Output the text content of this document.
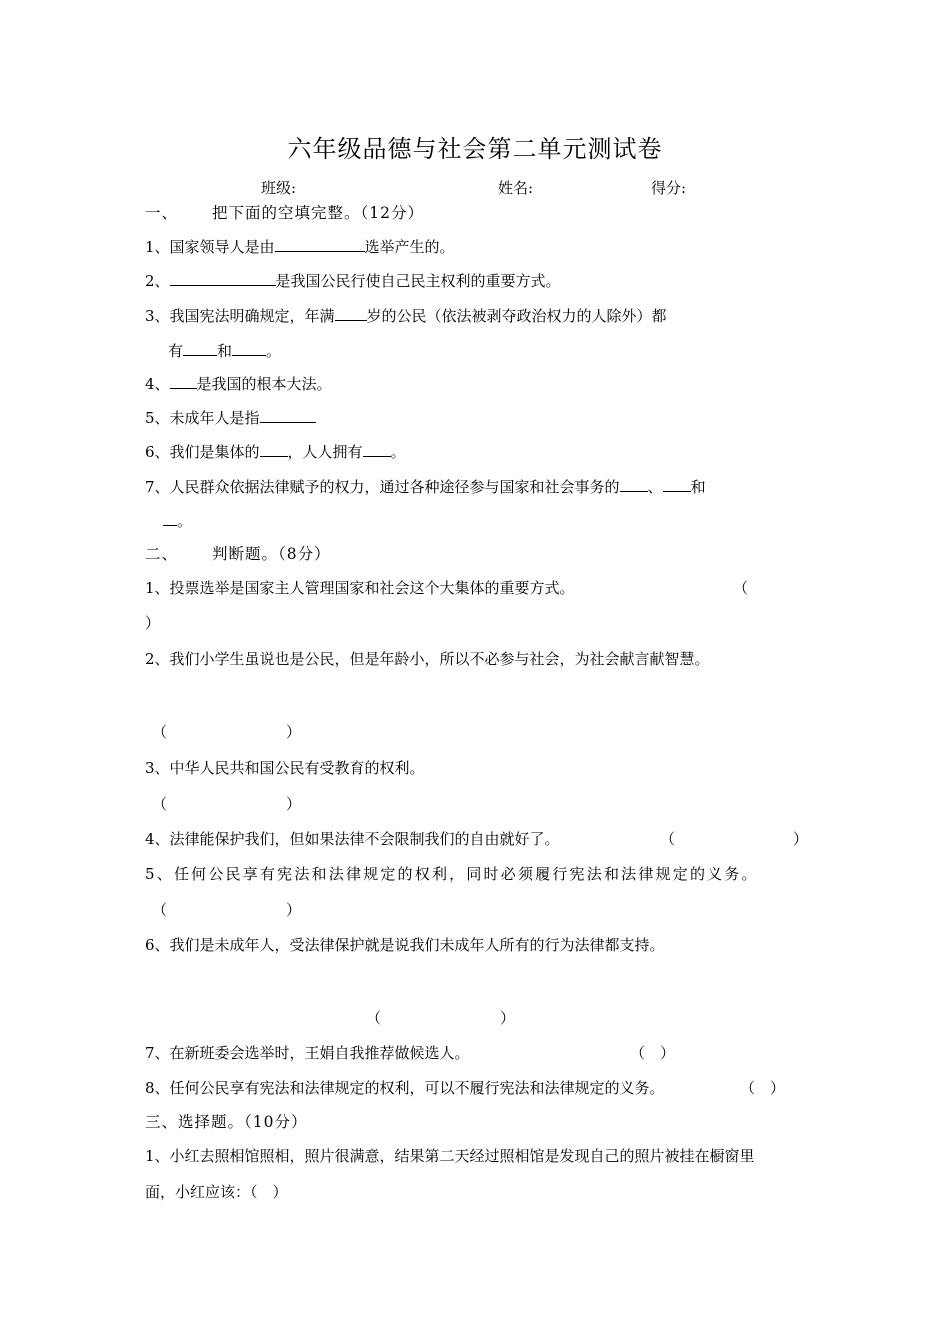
六年级品德与社会第二单元测试卷
班级:	姓名:	得分:
一、 把下面的空填完整。（12分）
1、国家领导人是由	选举产生的。
2、	是我国公民行使自己民主权利的重要方式。
3、我国宪法明确规定，年满 岁的公民（依法被剥夺政治权力的人除外）都
有 和 。
4、 是我国的根本大法。
5、未成年人是指
6、我们是集体的 ，人人拥有 。
7、人民群众依据法律赋予的权力，通过各种途径参与国家和社会事务的 、 和
。
二、 判断题。（8分）
1、投票选举是国家主人管理国家和社会这个大集体的重要方式。	（
）
2、我们小学生虽说也是公民，但是年龄小，所以不必参与社会，为社会献言献智慧。
（	）
3、中华人民共和国公民有受教育的权利。
（	）
4、法律能保护我们，但如果法律不会限制我们的自由就好了。	（	）
5、任何公民享有宪法和法律规定的权利，同时必须履行宪法和法律规定的义务。
（	）
6、我们是未成年人，受法律保护就是说我们未成年人所有的行为法律都支持。
（	）
7、在新班委会选举时，王娟自我推荐做候选人。	（　）
8、任何公民享有宪法和法律规定的权利，可以不履行宪法和法律规定的义务。	（　）
三、选择题。（10分）
1、小红去照相馆照相，照片很满意，结果第二天经过照相馆是发现自己的照片被挂在橱窗里
面，小红应该：（　）
